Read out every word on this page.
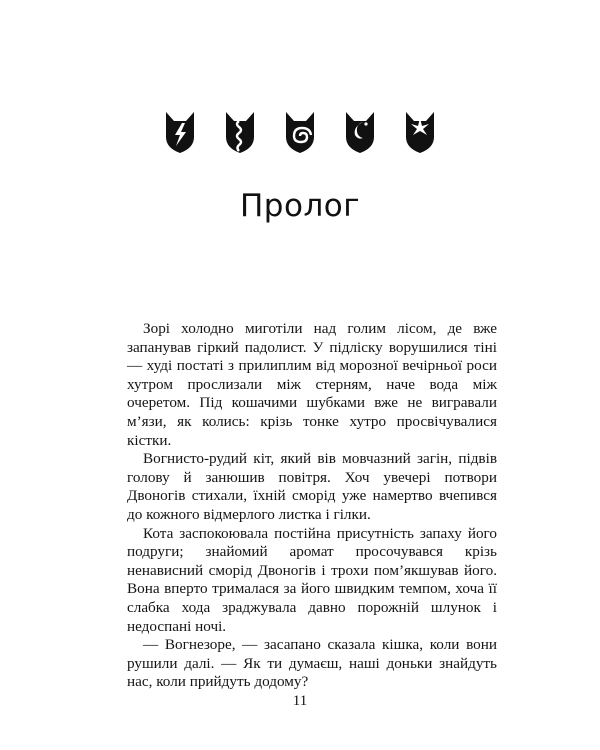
Пролог

Зорі холодно миготіли над голим лісом, де вже запанував гіркий падолист. У підліску ворушилися тіні — худі постаті з прилиплим від морозної вечірньої роси хутром прослизали між стерням, наче вода між очеретом. Під кошачими шубками вже не вигравали м’язи, як колись: крізь тонке хутро просвічувалися кістки.

Вогнисто-рудий кіт, який вів мовчазний загін, підвів голову й занюшив повітря. Хоч увечері потвори Двоногів стихали, їхній сморід уже намертво вчепився до кожного відмерлого листка і гілки.

Кота заспокоювала постійна присутність запаху його подруги; знайомий аромат просочувався крізь ненависний сморід Двоногів і трохи пом’якшував його. Вона вперто трималася за його швидким темпом, хоча її слабка хода зраджувала давно порожній шлунок і недоспані ночі.

— Вогнезоре, — засапано сказала кішка, коли вони рушили далі. — Як ти думаєш, наші доньки знайдуть нас, коли прийдуть додому?

11
